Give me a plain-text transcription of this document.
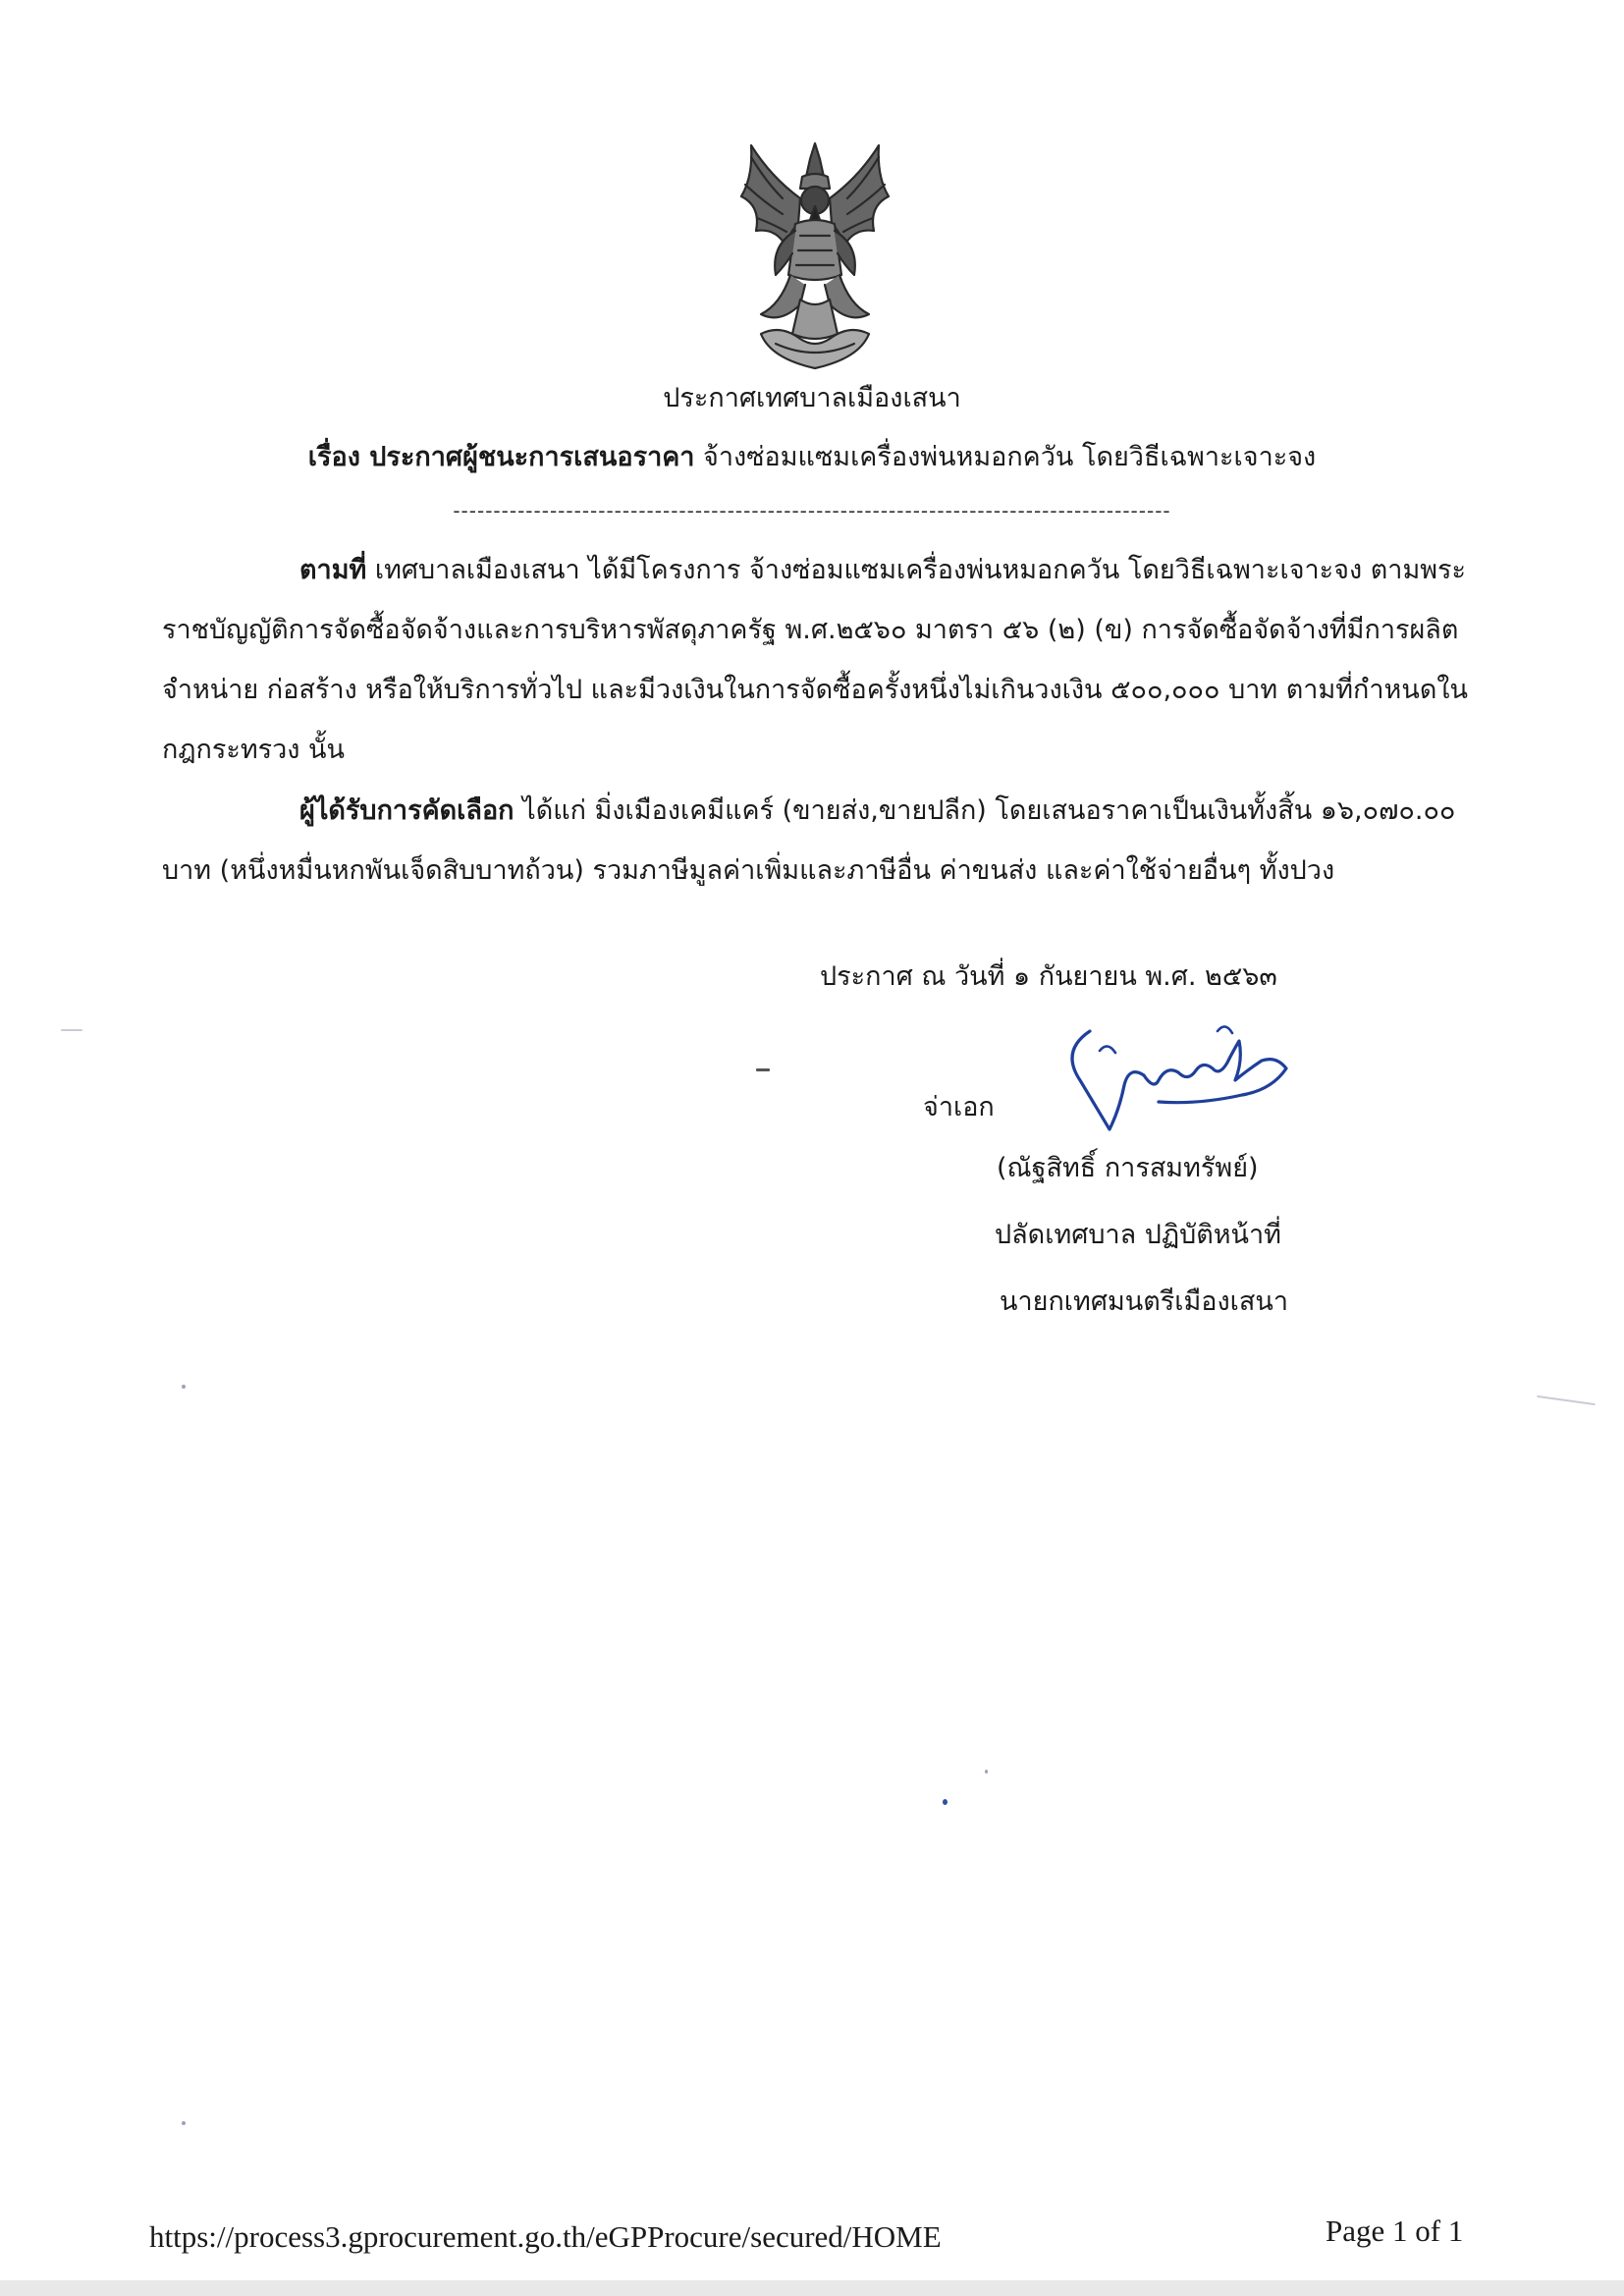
ประกาศเทศบาลเมืองเสนา
เรื่อง ประกาศผู้ชนะการเสนอราคา จ้างซ่อมแซมเครื่องพ่นหมอกควัน โดยวิธีเฉพาะเจาะจง
-----------------------------------------------------------------------------------------
ตามที่ เทศบาลเมืองเสนา ได้มีโครงการ จ้างซ่อมแซมเครื่องพ่นหมอกควัน โดยวิธีเฉพาะเจาะจง ตามพระราชบัญญัติการจัดซื้อจัดจ้างและการบริหารพัสดุภาครัฐ พ.ศ.๒๕๖๐ มาตรา ๕๖ (๒) (ข) การจัดซื้อจัดจ้างที่มีการผลิต จำหน่าย ก่อสร้าง หรือให้บริการทั่วไป และมีวงเงินในการจัดซื้อครั้งหนึ่งไม่เกินวงเงิน ๕๐๐,๐๐๐ บาท ตามที่กำหนดในกฎกระทรวง นั้น
ผู้ได้รับการคัดเลือก ได้แก่ มิ่งเมืองเคมีแคร์ (ขายส่ง,ขายปลีก) โดยเสนอราคาเป็นเงินทั้งสิ้น ๑๖,๐๗๐.๐๐ บาท (หนึ่งหมื่นหกพันเจ็ดสิบบาทถ้วน) รวมภาษีมูลค่าเพิ่มและภาษีอื่น ค่าขนส่ง และค่าใช้จ่ายอื่นๆ ทั้งปวง
ประกาศ ณ วันที่ ๑ กันยายน พ.ศ. ๒๕๖๓
จ่าเอก
(ณัฐสิทธิ์ การสมทรัพย์)
ปลัดเทศบาล ปฏิบัติหน้าที่
นายกเทศมนตรีเมืองเสนา
https://process3.gprocurement.go.th/eGPProcure/secured/HOME	Page 1 of 1
